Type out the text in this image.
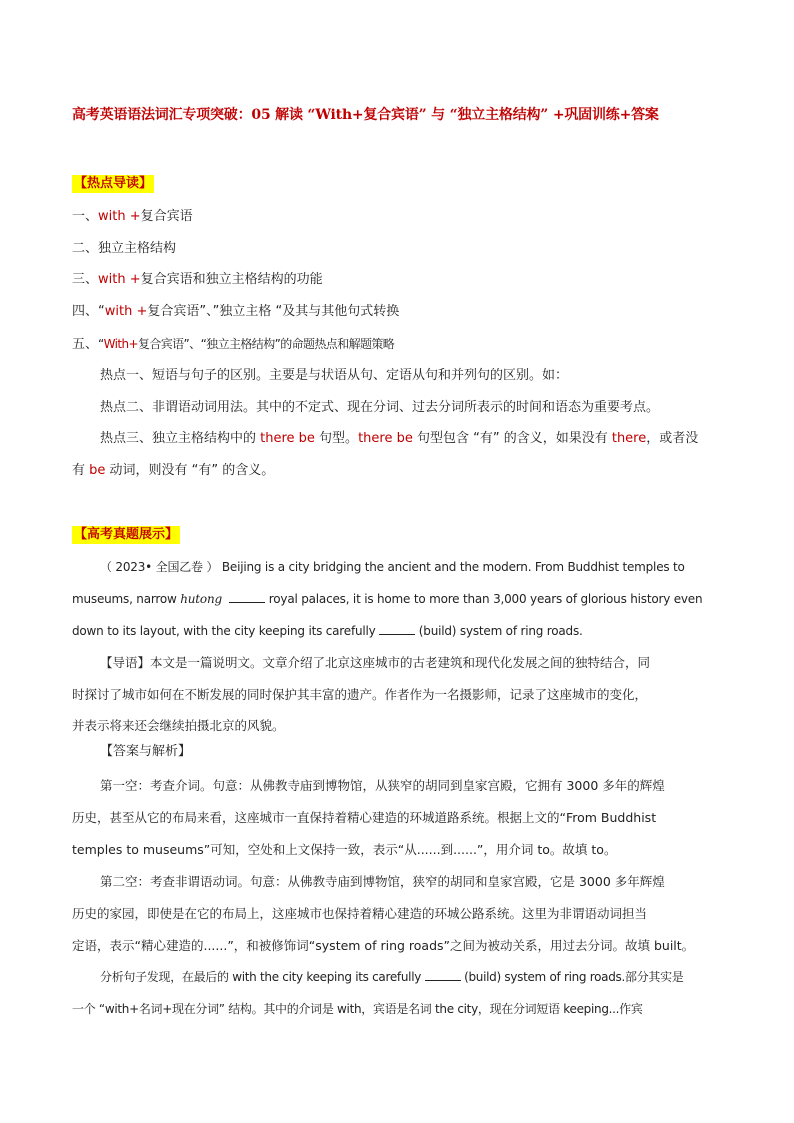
高考英语语法词汇专项突破：05 解读 “With+复合宾语” 与 “独立主格结构” +巩固训练+答案
【热点导读】
一、with +复合宾语
二、独立主格结构
三、with +复合宾语和独立主格结构的功能
四、“with +复合宾语”、”独立主格 “及其与其他句式转换
五、“With+复合宾语”、“独立主格结构”的命题热点和解题策略
热点一、短语与句子的区别。主要是与状语从句、定语从句和并列句的区别。如：
热点二、非谓语动词用法。其中的不定式、现在分词、过去分词所表示的时间和语态为重要考点。
热点三、独立主格结构中的 there be 句型。there be 句型包含 “有” 的含义，如果没有 there，或者没
有 be 动词，则没有 “有” 的含义。
【高考真题展示】
（ 2023• 全国乙卷 ） Beijing is a city bridging the ancient and the modern. From Buddhist temples to
museums, narrow hutong	royal palaces, it is home to more than 3,000 years of glorious history even
down to its layout, with the city keeping its carefully	(build) system of ring roads.
【导语】本文是一篇说明文。文章介绍了北京这座城市的古老建筑和现代化发展之间的独特结合，同
时探讨了城市如何在不断发展的同时保护其丰富的遗产。作者作为一名摄影师，记录了这座城市的变化，
并表示将来还会继续拍摄北京的风貌。
【答案与解析】
第一空：考查介词。句意：从佛教寺庙到博物馆，从狭窄的胡同到皇家宫殿，它拥有 3000 多年的辉煌
历史，甚至从它的布局来看，这座城市一直保持着精心建造的环城道路系统。根据上文的“From Buddhist
temples to museums”可知，空处和上文保持一致，表示“从......到......”，用介词 to。故填 to。
第二空：考查非谓语动词。句意：从佛教寺庙到博物馆，狭窄的胡同和皇家宫殿，它是 3000 多年辉煌
历史的家园，即使是在它的布局上，这座城市也保持着精心建造的环城公路系统。这里为非谓语动词担当
定语，表示“精心建造的......”，和被修饰词“system of ring roads”之间为被动关系，用过去分词。故填 built。
分析句子发现，在最后的 with the city keeping its carefully	(build) system of ring roads.部分其实是
一个 “with+名词+现在分词” 结构。其中的介词是 with，宾语是名词 the city，现在分词短语 keeping...作宾
